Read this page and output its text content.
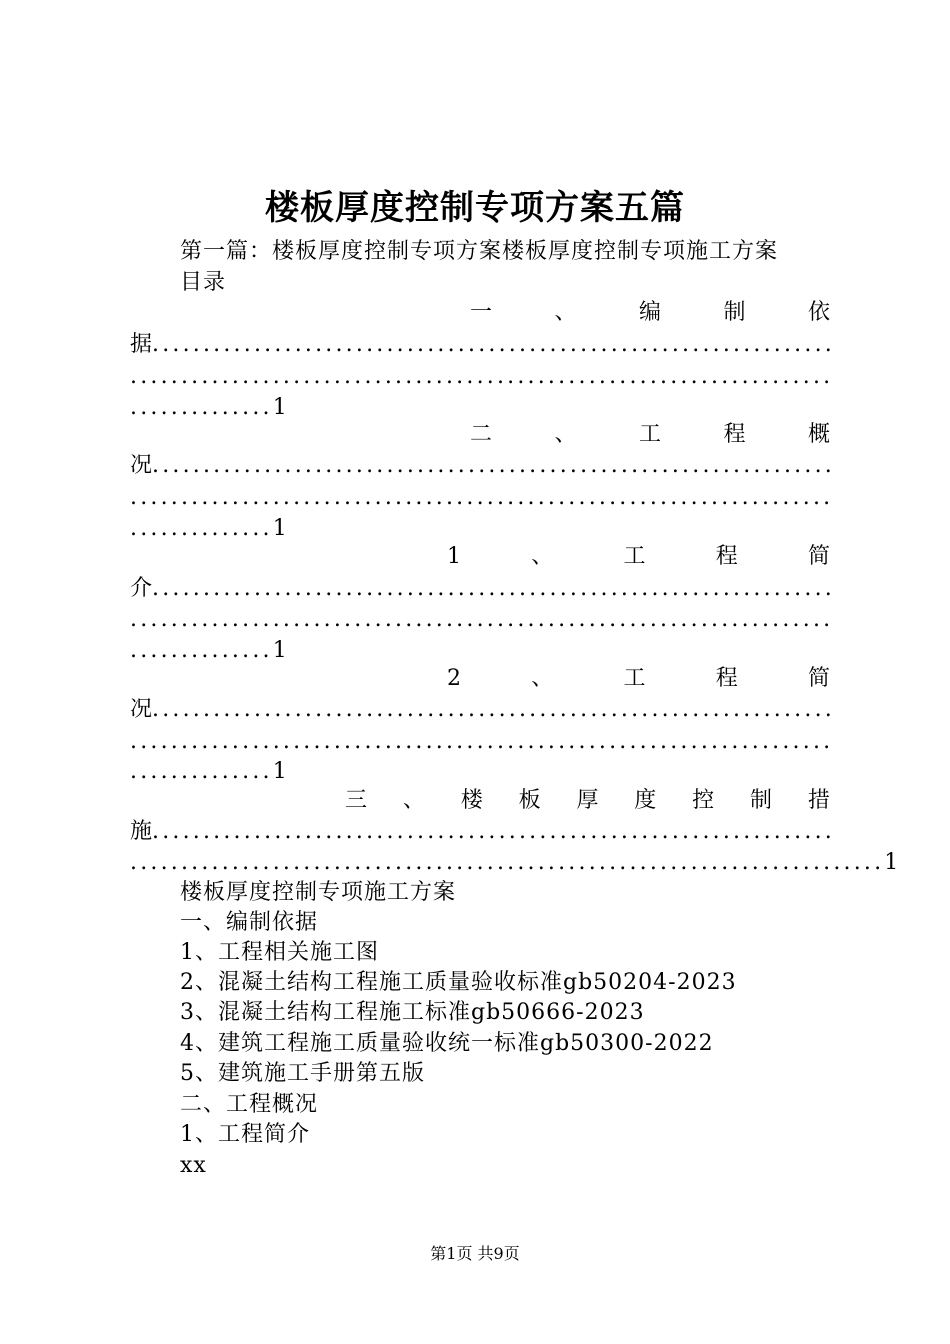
楼板厚度控制专项方案五篇
第一篇：楼板厚度控制专项方案楼板厚度控制专项施工方案
目录
一	、	编	制	依
据 .....
.....
..... 1
二	、	工	程	概
况 .....
.....
..... 1
1	、	工	程	简
介 .....
.....
..... 1
2	、	工	程	简
况 .....
.....
..... 1
三 、 楼 板 厚 度 控 制 措
施 .....
..... 1
楼板厚度控制专项施工方案
一、编制依据
1、工程相关施工图
2、混凝土结构工程施工质量验收标准gb50204-2023
3、混凝土结构工程施工标准gb50666-2023
4、建筑工程施工质量验收统一标准gb50300-2022
5、建筑施工手册第五版
二、工程概况
1、工程简介
xx
第1页 共9页
